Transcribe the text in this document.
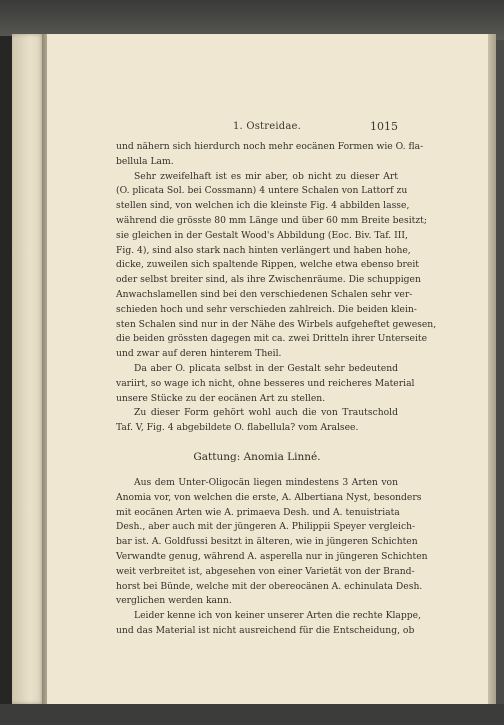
1. Ostreidae.	1015
und nähern sich hierdurch noch mehr eocänen Formen wie O. fla-
bellula Lam.
Sehr zweifelhaft ist es mir aber, ob nicht zu dieser Art
(O. plicata Sol. bei Cossmann) 4 untere Schalen von Lattorf zu
stellen sind, von welchen ich die kleinste Fig. 4 abbilden lasse,
während die grösste 80 mm Länge und über 60 mm Breite besitzt;
sie gleichen in der Gestalt Wood's Abbildung (Eoc. Biv. Taf. III,
Fig. 4), sind also stark nach hinten verlängert und haben hohe,
dicke, zuweilen sich spaltende Rippen, welche etwa ebenso breit
oder selbst breiter sind, als ihre Zwischenräume. Die schuppigen
Anwachslamellen sind bei den verschiedenen Schalen sehr ver-
schieden hoch und sehr verschieden zahlreich. Die beiden klein-
sten Schalen sind nur in der Nähe des Wirbels aufgeheftet gewesen,
die beiden grössten dagegen mit ca. zwei Dritteln ihrer Unterseite
und zwar auf deren hinterem Theil.
Da aber O. plicata selbst in der Gestalt sehr bedeutend
variirt, so wage ich nicht, ohne besseres und reicheres Material
unsere Stücke zu der eocänen Art zu stellen.
Zu dieser Form gehört wohl auch die von Trautschold
Taf. V, Fig. 4 abgebildete O. flabellula? vom Aralsee.
Gattung: Anomia Linné.
Aus dem Unter-Oligocän liegen mindestens 3 Arten von
Anomia vor, von welchen die erste, A. Albertiana Nyst, besonders
mit eocänen Arten wie A. primaeva Desh. und A. tenuistriata
Desh., aber auch mit der jüngeren A. Philippii Speyer vergleich-
bar ist. A. Goldfussi besitzt in älteren, wie in jüngeren Schichten
Verwandte genug, während A. asperella nur in jüngeren Schichten
weit verbreitet ist, abgesehen von einer Varietät von der Brand-
horst bei Bünde, welche mit der obereocänen A. echinulata Desh.
verglichen werden kann.
Leider kenne ich von keiner unserer Arten die rechte Klappe,
und das Material ist nicht ausreichend für die Entscheidung, ob
